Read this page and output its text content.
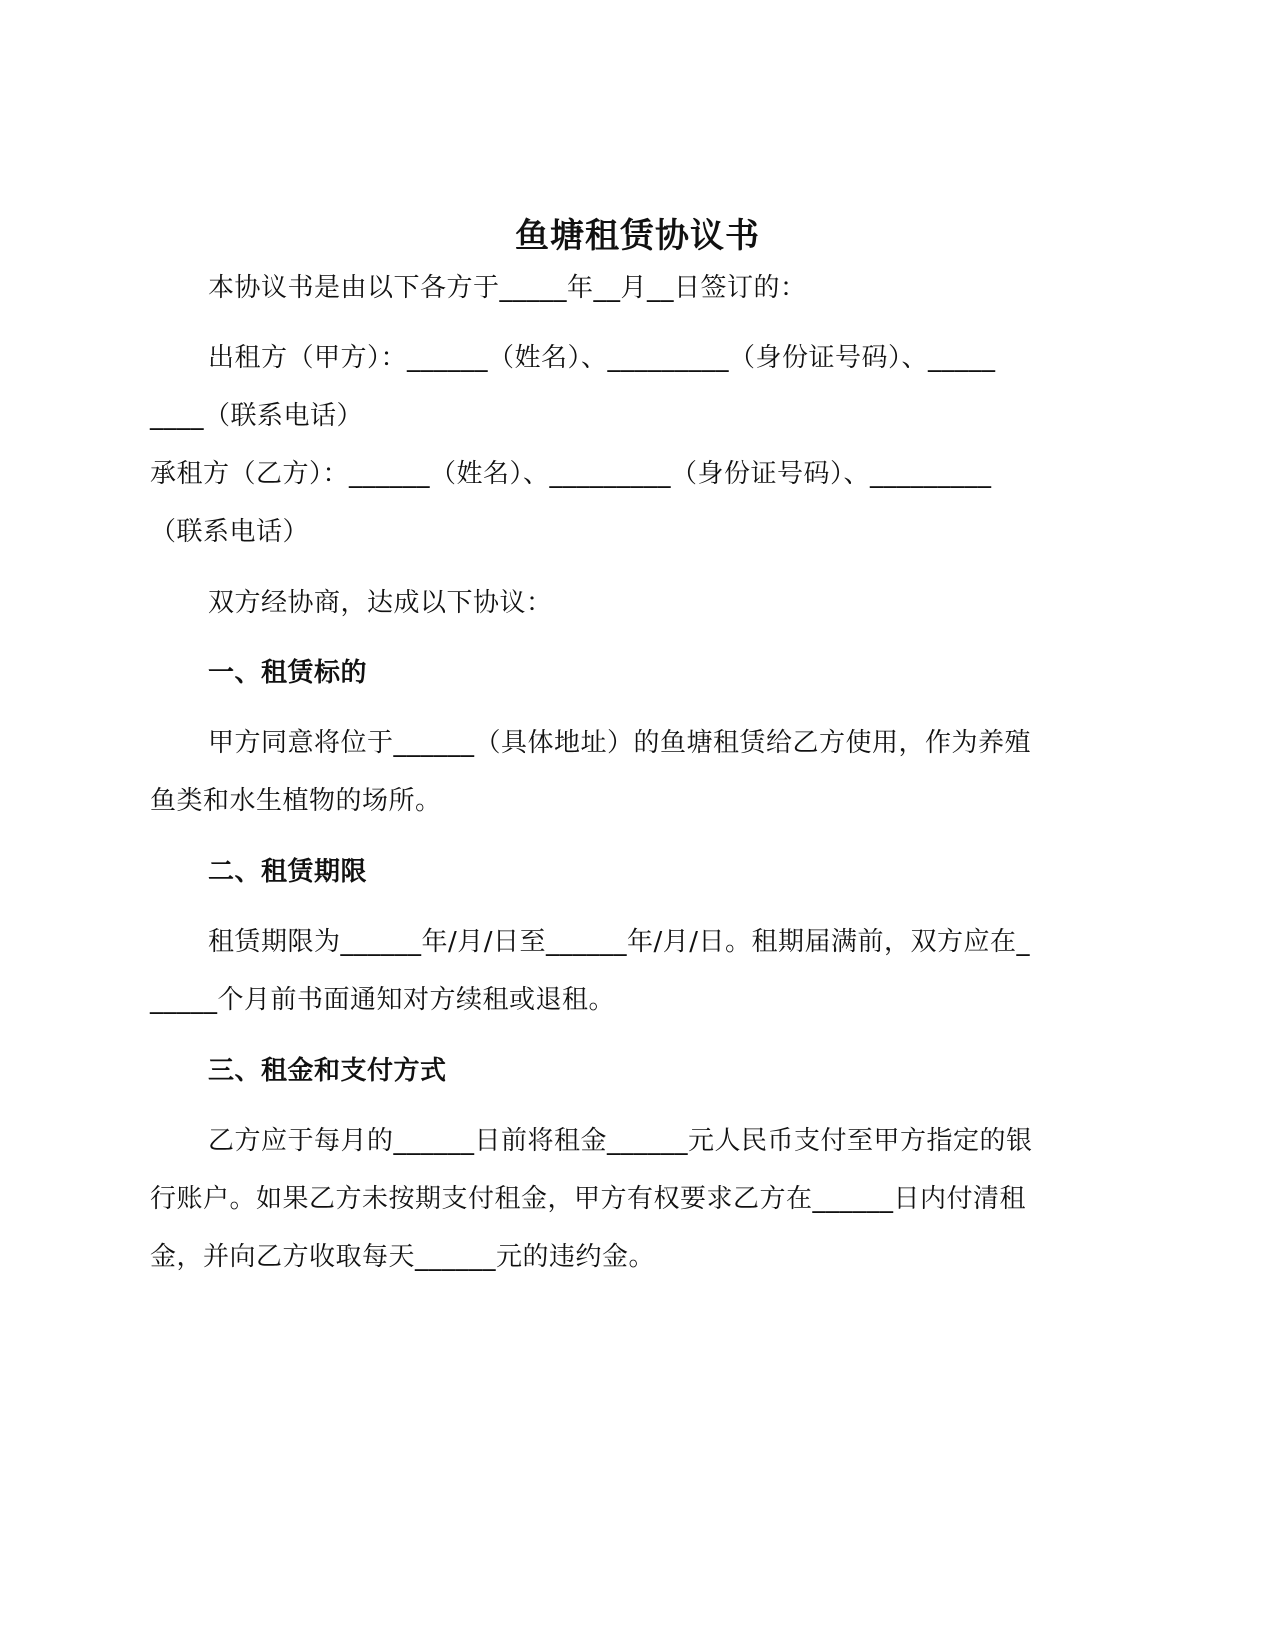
鱼塘租赁协议书
本协议书是由以下各方于_____年__月__日签订的：
出租方（甲方）：______（姓名）、_________（身份证号码）、_____
____（联系电话）
承租方（乙方）：______（姓名）、_________（身份证号码）、_________
（联系电话）
双方经协商，达成以下协议：
一、租赁标的
甲方同意将位于______（具体地址）的鱼塘租赁给乙方使用，作为养殖
鱼类和水生植物的场所。
二、租赁期限
租赁期限为______年/月/日至______年/月/日。租期届满前，双方应在_
_____个月前书面通知对方续租或退租。
三、租金和支付方式
乙方应于每月的______日前将租金______元人民币支付至甲方指定的银
行账户。如果乙方未按期支付租金，甲方有权要求乙方在______日内付清租
金，并向乙方收取每天______元的违约金。
